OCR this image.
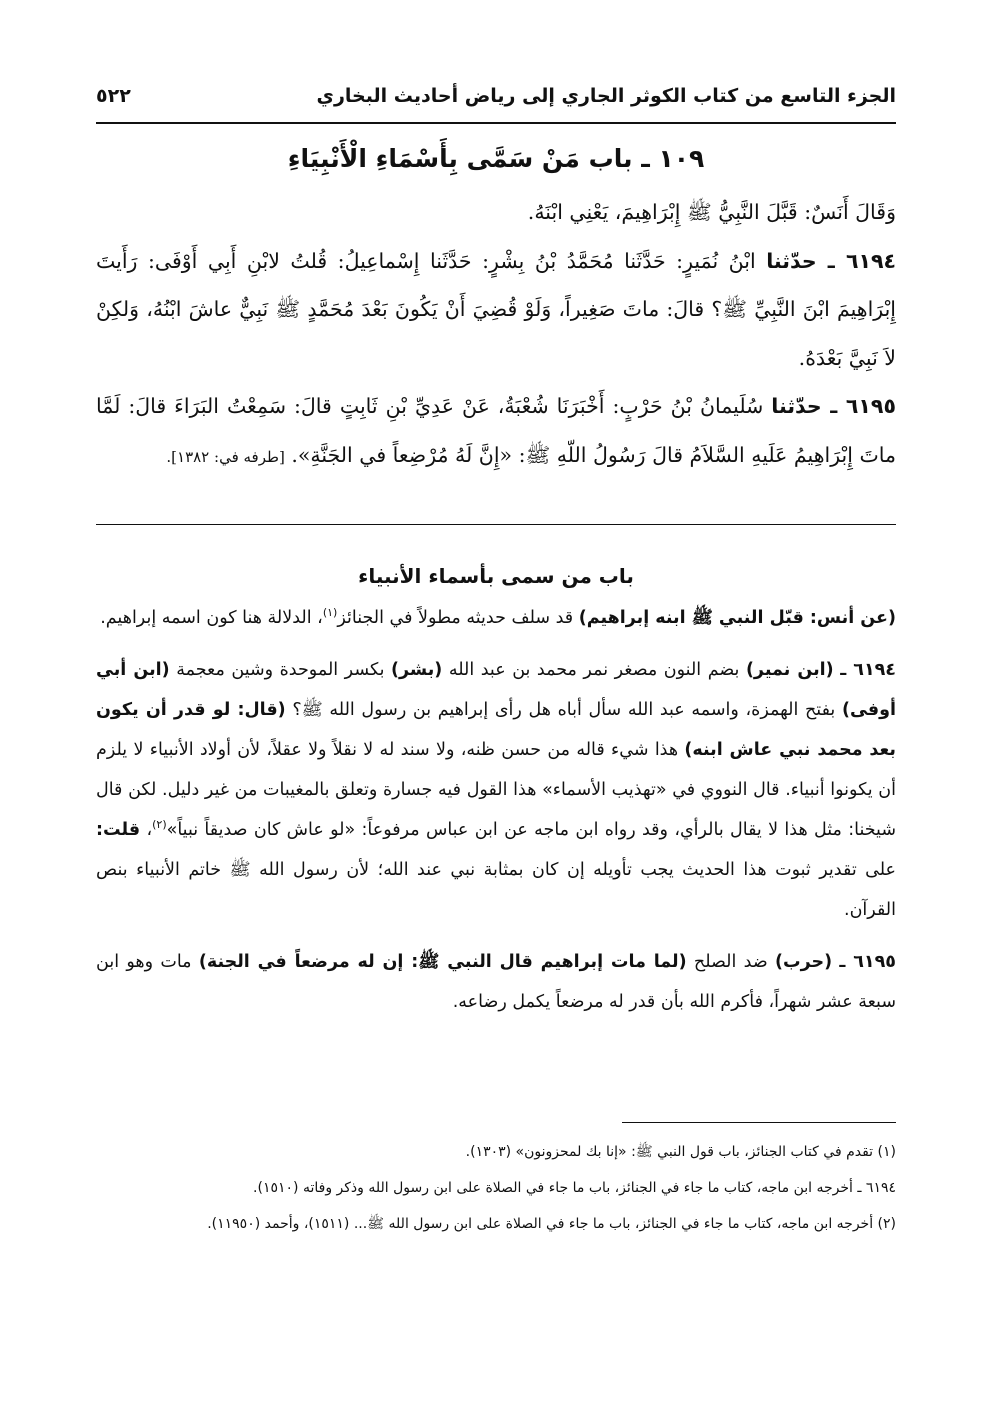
الجزء التاسع من كتاب الكوثر الجاري إلى رياض أحاديث البخاري
٥٢٢
١٠٩ ـ باب مَنْ سَمَّى بِأَسْمَاءِ الْأَنْبِيَاءِ

وَقَالَ أَنَسٌ: قَبَّلَ النَّبِيُّ ﷺ إِبْرَاهِيمَ، يَعْنِي ابْنَهُ.

٦١٩٤ ـ حدّثنا ابْنُ نُمَيرٍ: حَدَّثَنا مُحَمَّدُ بْنُ بِشْرٍ: حَدَّثَنا إِسْماعِيلُ: قُلتُ لابْنِ أَبِي أَوْفَى: رَأَيتَ إِبْرَاهِيمَ ابْنَ النَّبِيِّ ﷺ؟ قالَ: ماتَ صَغِيراً، وَلَوْ قُضِيَ أَنْ يَكُونَ بَعْدَ مُحَمَّدٍ ﷺ نَبِيٌّ عاشَ ابْنُهُ، وَلكِنْ لاَ نَبِيَّ بَعْدَهُ.

٦١٩٥ ـ حدّثنا سُلَيمانُ بْنُ حَرْبٍ: أَخْبَرَنَا شُعْبَةُ، عَنْ عَدِيِّ بْنِ ثَابِتٍ قالَ: سَمِعْتُ البَرَاءَ قالَ: لَمَّا ماتَ إِبْرَاهِيمُ عَلَيهِ السَّلاَمُ قالَ رَسُولُ اللّهِ ﷺ: «إِنَّ لَهُ مُرْضِعاً في الجَنَّةِ». [طرفه في: ١٣٨٢].

باب من سمى بأسماء الأنبياء

(عن أنس: قبّل النبي ﷺ ابنه إبراهيم) قد سلف حديثه مطولاً في الجنائز$^{(١)}$، الدلالة هنا كون اسمه إبراهيم.

٦١٩٤ ـ (ابن نمير) بضم النون مصغر نمر محمد بن عبد الله (بشر) بكسر الموحدة وشين معجمة (ابن أبي أوفى) بفتح الهمزة، واسمه عبد الله سأل أباه هل رأى إبراهيم بن رسول الله ﷺ؟ (قال: لو قدر أن يكون بعد محمد نبي عاش ابنه) هذا شيء قاله من حسن ظنه، ولا سند له لا نقلاً ولا عقلاً، لأن أولاد الأنبياء لا يلزم أن يكونوا أنبياء. قال النووي في «تهذيب الأسماء» هذا القول فيه جسارة وتعلق بالمغيبات من غير دليل. لكن قال شيخنا: مثل هذا لا يقال بالرأي، وقد رواه ابن ماجه عن ابن عباس مرفوعاً: «لو عاش كان صديقاً نبياً»$^{(٢)}$، قلت: على تقدير ثبوت هذا الحديث يجب تأويله إن كان بمثابة نبي عند الله؛ لأن رسول الله ﷺ خاتم الأنبياء بنص القرآن.

٦١٩٥ ـ (حرب) ضد الصلح (لما مات إبراهيم قال النبي ﷺ: إن له مرضعاً في الجنة) مات وهو ابن سبعة عشر شهراً، فأكرم الله بأن قدر له مرضعاً يكمل رضاعه.

(١) تقدم في كتاب الجنائز، باب قول النبي ﷺ: «إنا بك لمحزونون» (١٣٠٣).

٦١٩٤ ـ أخرجه ابن ماجه، كتاب ما جاء في الجنائز، باب ما جاء في الصلاة على ابن رسول الله وذكر وفاته (١٥١٠).

(٢) أخرجه ابن ماجه، كتاب ما جاء في الجنائز، باب ما جاء في الصلاة على ابن رسول الله ﷺ... (١٥١١)، وأحمد (١١٩٥٠).
